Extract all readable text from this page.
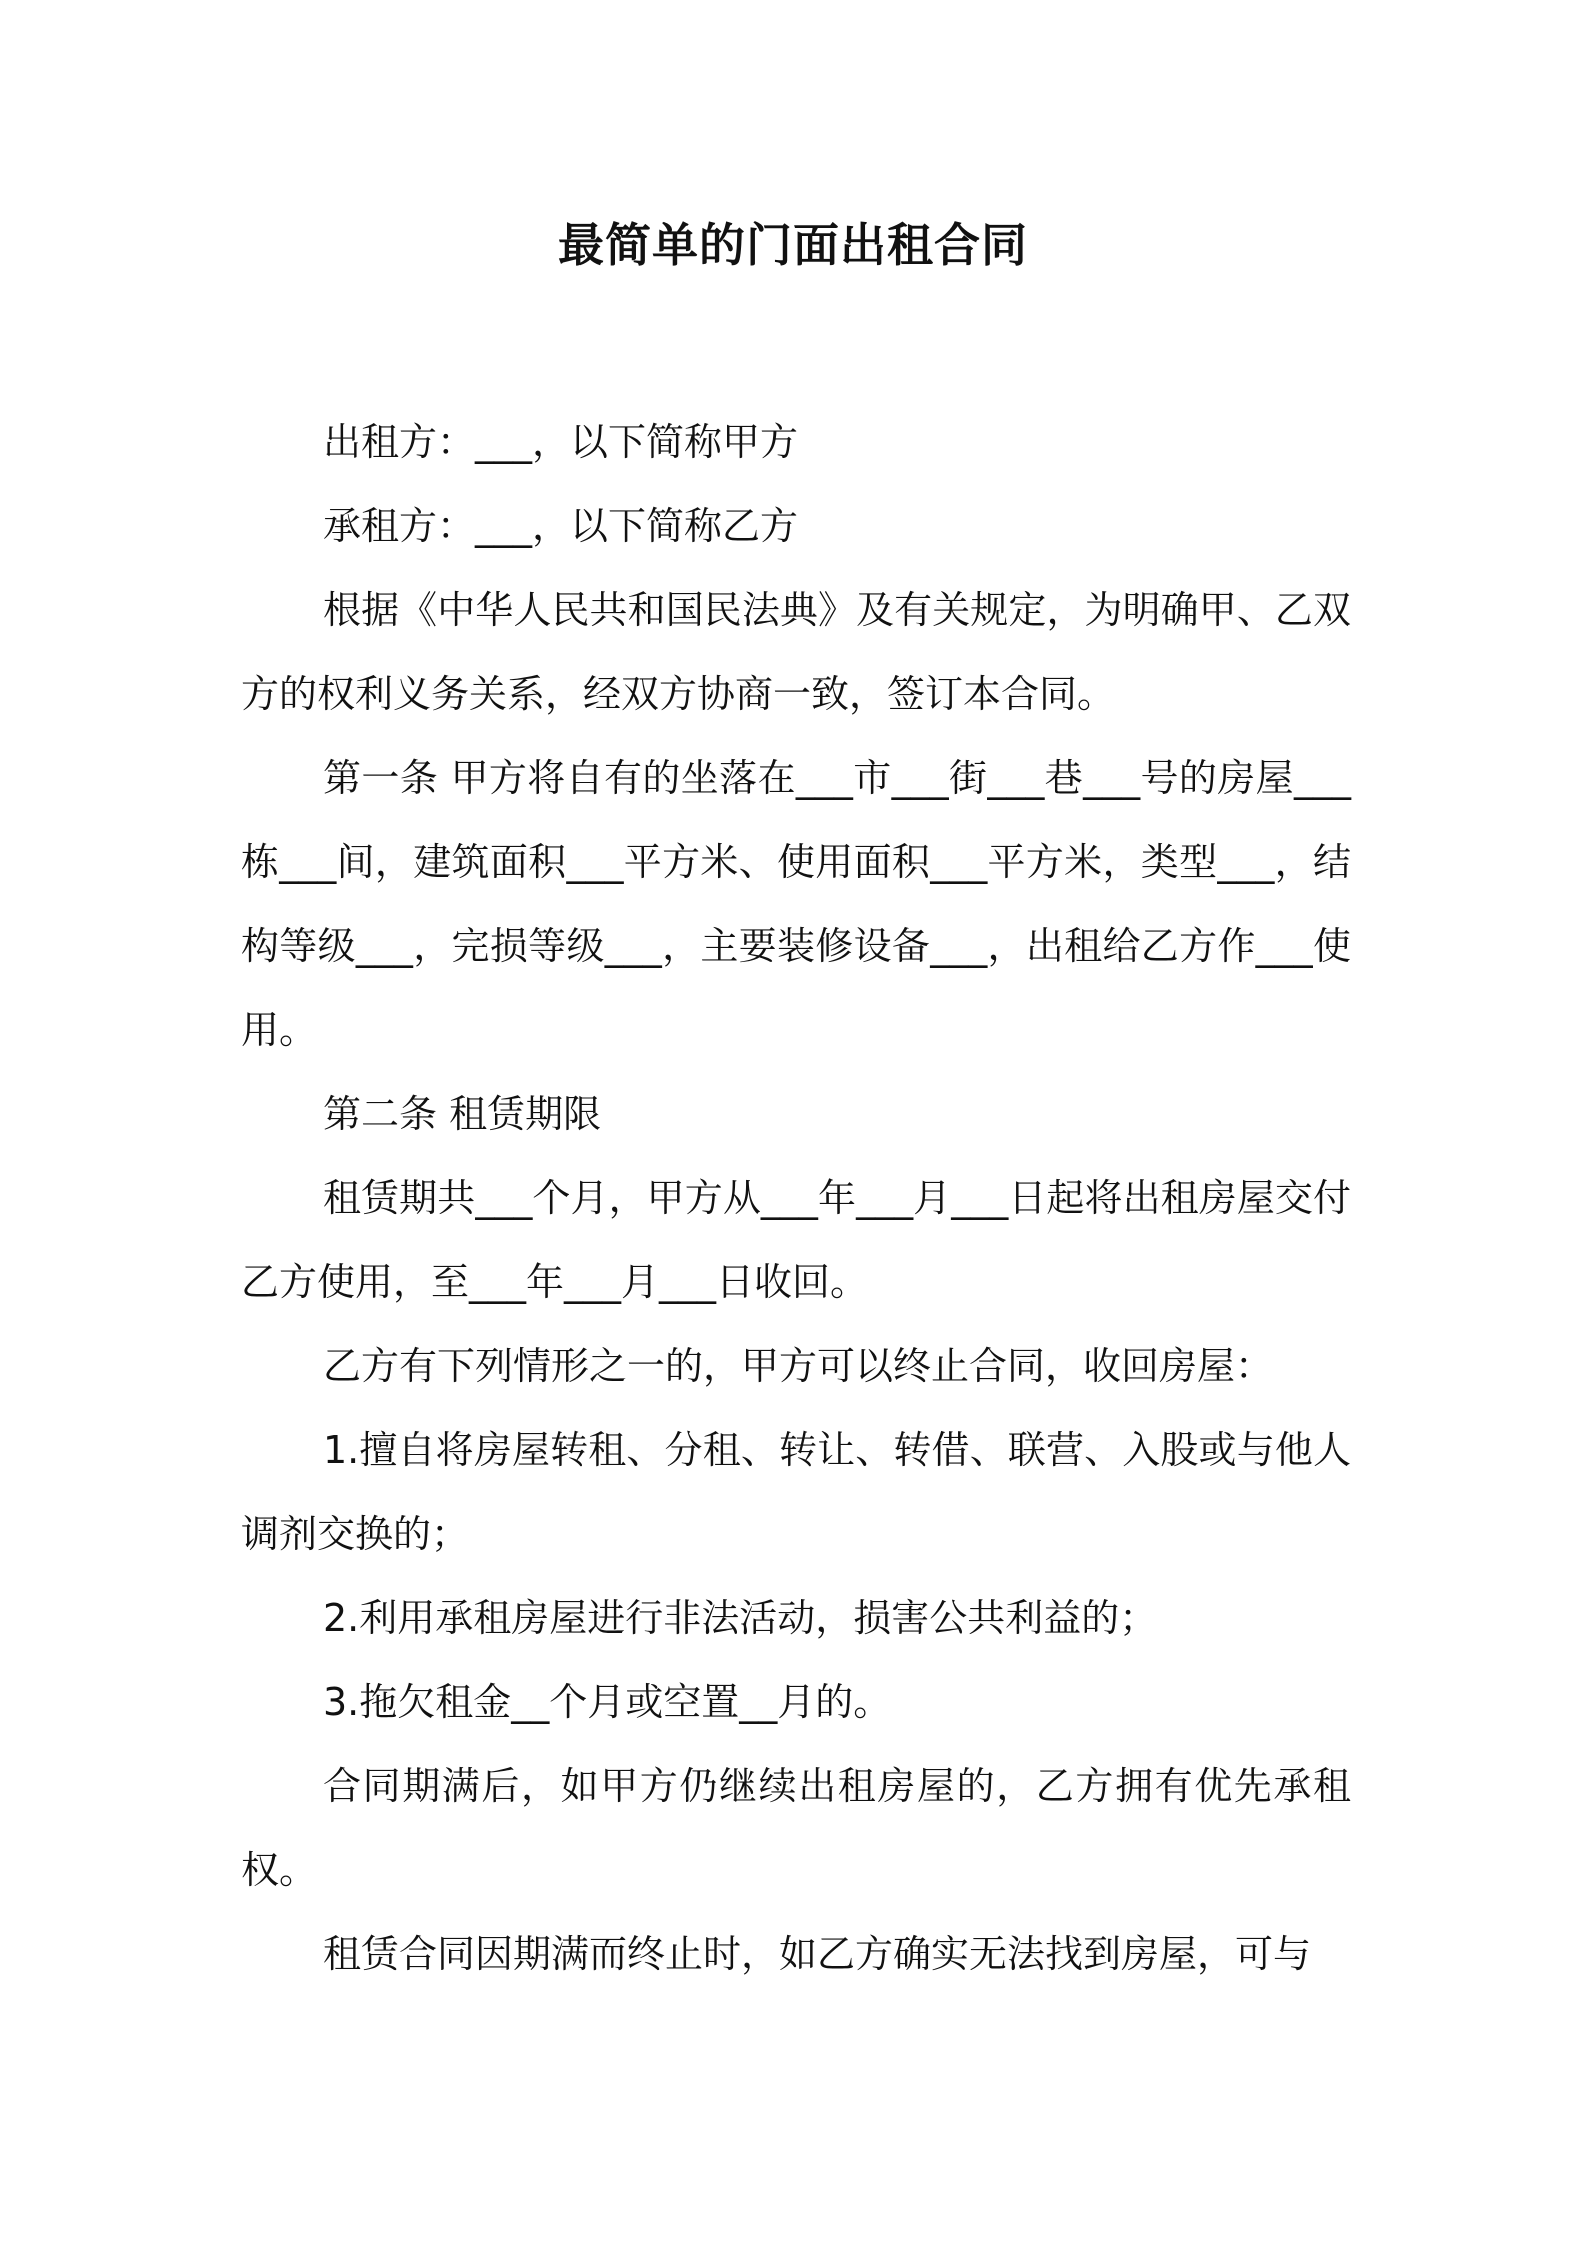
最简单的门面出租合同

出租方：___，以下简称甲方

承租方：___，以下简称乙方

根据《中华人民共和国民法典》及有关规定，为明确甲、乙双方的权利义务关系，经双方协商一致，签订本合同。

第一条 甲方将自有的坐落在___市___街___巷___号的房屋___栋___间，建筑面积___平方米、使用面积___平方米，类型___，结构等级___，完损等级___，主要装修设备___，出租给乙方作___使用。

第二条 租赁期限

租赁期共___个月，甲方从___年___月___日起将出租房屋交付乙方使用，至___年___月___日收回。

乙方有下列情形之一的，甲方可以终止合同，收回房屋：

1.擅自将房屋转租、分租、转让、转借、联营、入股或与他人调剂交换的；

2.利用承租房屋进行非法活动，损害公共利益的；

3.拖欠租金__个月或空置__月的。

合同期满后，如甲方仍继续出租房屋的，乙方拥有优先承租权。

租赁合同因期满而终止时，如乙方确实无法找到房屋，可与
